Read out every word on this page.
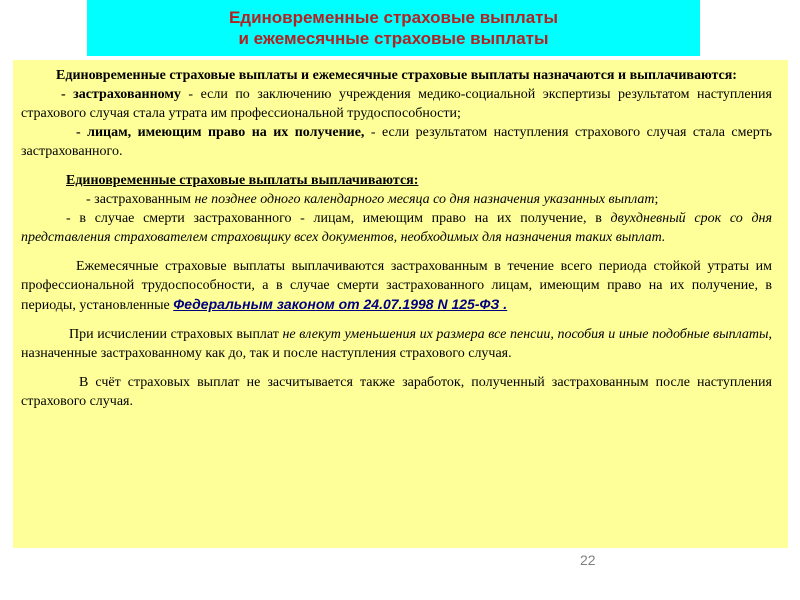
Единовременные страховые выплаты
и ежемесячные страховые выплаты

Единовременные страховые выплаты и ежемесячные страховые выплаты назначаются и выплачиваются:

- застрахованному - если по заключению учреждения медико-социальной экспертизы результатом наступления страхового случая стала утрата им профессиональной трудоспособности;

- лицам, имеющим право на их получение, - если результатом наступления страхового случая стала смерть застрахованного.

Единовременные страховые выплаты выплачиваются:

- застрахованным не позднее одного календарного месяца со дня назначения указанных выплат;

- в случае смерти застрахованного - лицам, имеющим право на их получение, в двухдневный срок со дня представления страхователем страховщику всех документов, необходимых для назначения таких выплат.

Ежемесячные страховые выплаты выплачиваются застрахованным в течение всего периода стойкой утраты им профессиональной трудоспособности, а в случае смерти застрахованного лицам, имеющим право на их получение, в периоды, установленные Федеральным законом от 24.07.1998 N 125-ФЗ .

При исчислении страховых выплат не влекут уменьшения их размера все пенсии, пособия и иные подобные выплаты, назначенные застрахованному как до, так и после наступления страхового случая.

В счёт страховых выплат не засчитывается также заработок, полученный застрахованным после наступления страхового случая.

22
